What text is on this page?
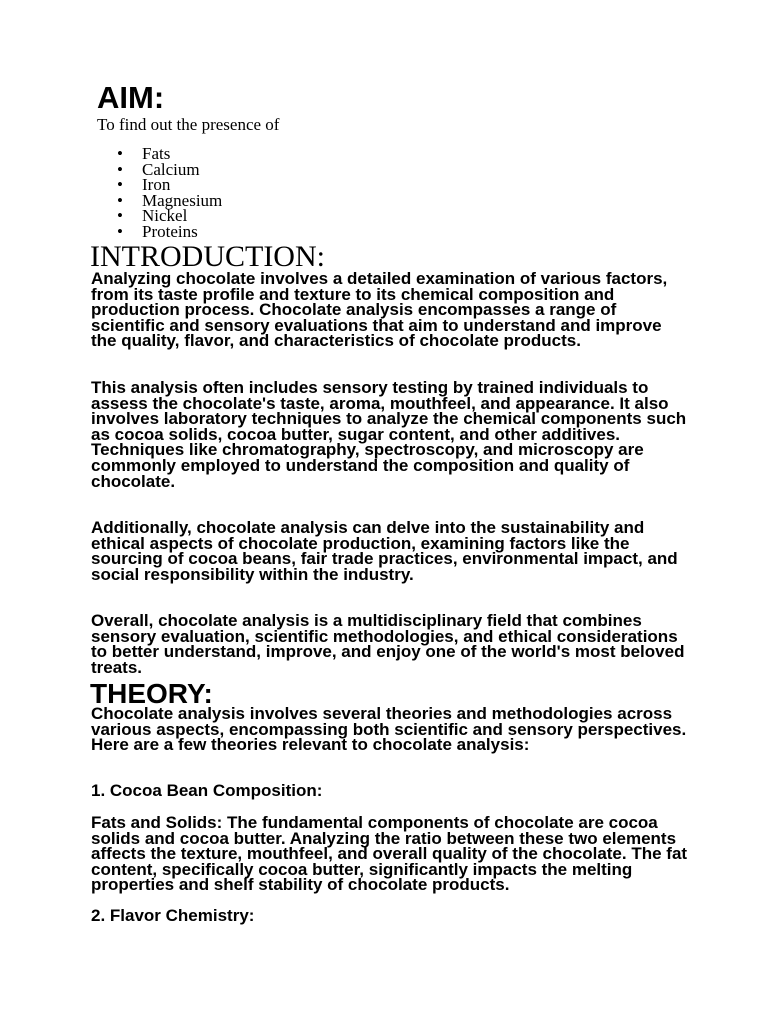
AIM:

To find out the presence of

• Fats
• Calcium
• Iron
• Magnesium
• Nickel
• Proteins
INTRODUCTION:

Analyzing chocolate involves a detailed examination of various factors, from its taste profile and texture to its chemical composition and production process. Chocolate analysis encompasses a range of scientific and sensory evaluations that aim to understand and improve the quality, flavor, and characteristics of chocolate products.

This analysis often includes sensory testing by trained individuals to assess the chocolate's taste, aroma, mouthfeel, and appearance. It also involves laboratory techniques to analyze the chemical components such as cocoa solids, cocoa butter, sugar content, and other additives. Techniques like chromatography, spectroscopy, and microscopy are commonly employed to understand the composition and quality of chocolate.

Additionally, chocolate analysis can delve into the sustainability and ethical aspects of chocolate production, examining factors like the sourcing of cocoa beans, fair trade practices, environmental impact, and social responsibility within the industry.

Overall, chocolate analysis is a multidisciplinary field that combines sensory evaluation, scientific methodologies, and ethical considerations to better understand, improve, and enjoy one of the world's most beloved treats.

THEORY:

Chocolate analysis involves several theories and methodologies across various aspects, encompassing both scientific and sensory perspectives. Here are a few theories relevant to chocolate analysis:

1. Cocoa Bean Composition:

Fats and Solids: The fundamental components of chocolate are cocoa solids and cocoa butter. Analyzing the ratio between these two elements affects the texture, mouthfeel, and overall quality of the chocolate. The fat content, specifically cocoa butter, significantly impacts the melting properties and shelf stability of chocolate products.

2. Flavor Chemistry:
